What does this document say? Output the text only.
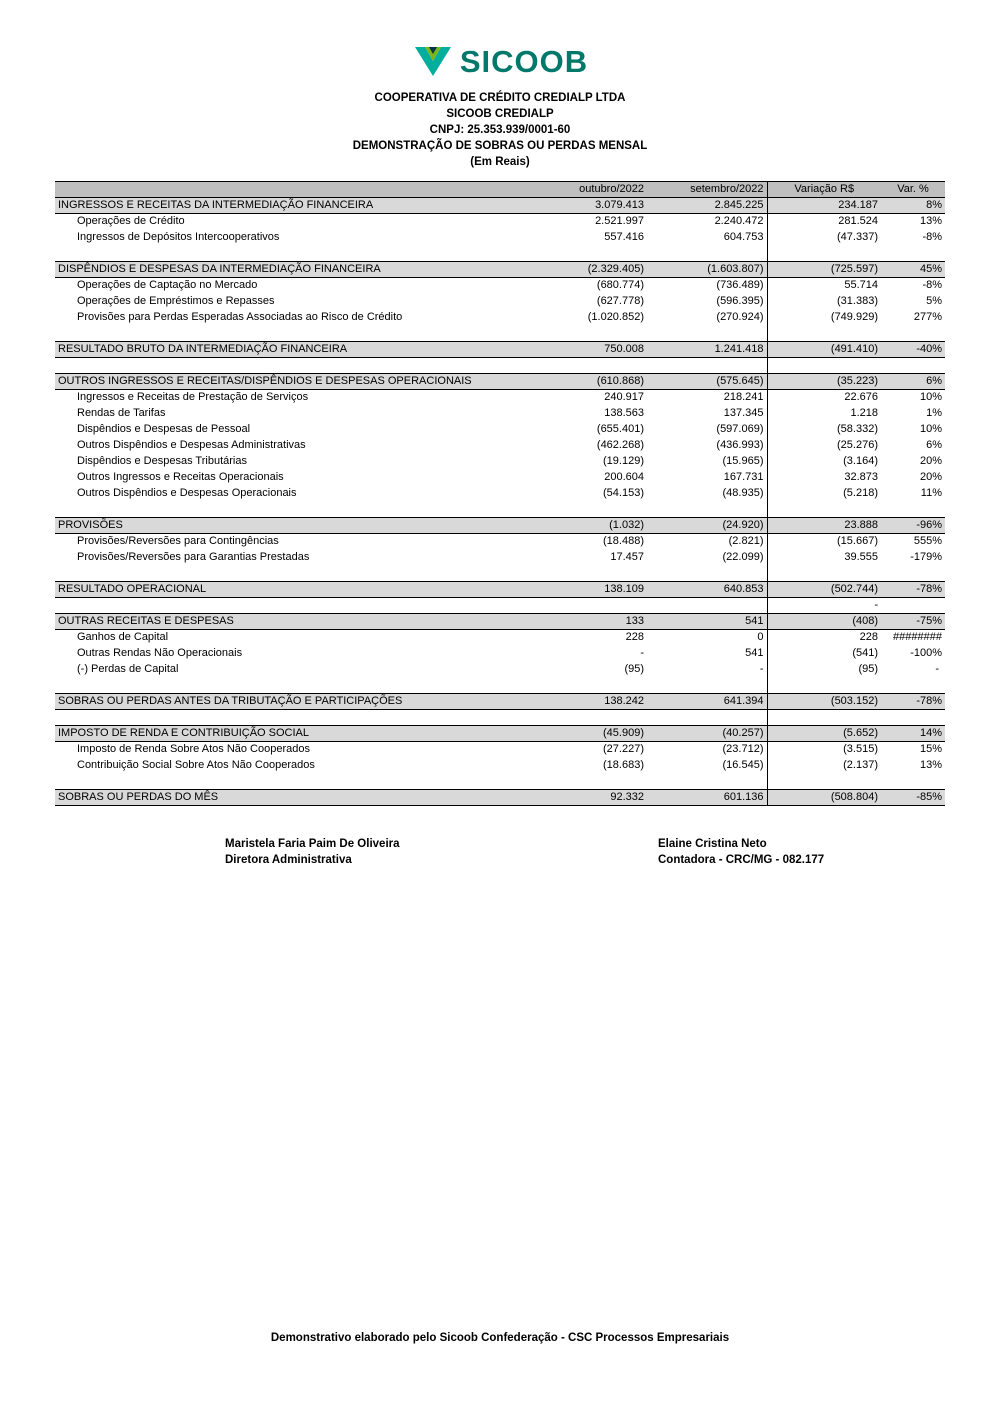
SICOOB
COOPERATIVA DE CRÉDITO CREDIALP LTDA
SICOOB CREDIALP
CNPJ: 25.353.939/0001-60
DEMONSTRAÇÃO DE SOBRAS OU PERDAS MENSAL
(Em Reais)
	outubro/2022	setembro/2022	Variação R$	Var. %
INGRESSOS E RECEITAS DA INTERMEDIAÇÃO FINANCEIRA	3.079.413	2.845.225	234.187	8%
Operações de Crédito	2.521.997	2.240.472	281.524	13%
Ingressos de Depósitos Intercooperativos	557.416	604.753	(47.337)	-8%

DISPÊNDIOS E DESPESAS DA INTERMEDIAÇÃO FINANCEIRA	(2.329.405)	(1.603.807)	(725.597)	45%
Operações de Captação no Mercado	(680.774)	(736.489)	55.714	-8%
Operações de Empréstimos e Repasses	(627.778)	(596.395)	(31.383)	5%
Provisões para Perdas Esperadas Associadas ao Risco de Crédito	(1.020.852)	(270.924)	(749.929)	277%

RESULTADO BRUTO DA INTERMEDIAÇÃO FINANCEIRA	750.008	1.241.418	(491.410)	-40%

OUTROS INGRESSOS E RECEITAS/DISPÊNDIOS E DESPESAS OPERACIONAIS	(610.868)	(575.645)	(35.223)	6%
Ingressos e Receitas de Prestação de Serviços	240.917	218.241	22.676	10%
Rendas de Tarifas	138.563	137.345	1.218	1%
Dispêndios e Despesas de Pessoal	(655.401)	(597.069)	(58.332)	10%
Outros Dispêndios e Despesas Administrativas	(462.268)	(436.993)	(25.276)	6%
Dispêndios e Despesas Tributárias	(19.129)	(15.965)	(3.164)	20%
Outros Ingressos e Receitas Operacionais	200.604	167.731	32.873	20%
Outros Dispêndios e Despesas Operacionais	(54.153)	(48.935)	(5.218)	11%

PROVISÕES	(1.032)	(24.920)	23.888	-96%
Provisões/Reversões para Contingências	(18.488)	(2.821)	(15.667)	555%
Provisões/Reversões para Garantias Prestadas	17.457	(22.099)	39.555	-179%

RESULTADO OPERACIONAL	138.109	640.853	(502.744)	-78%
			-	
OUTRAS RECEITAS E DESPESAS	133	541	(408)	-75%
Ganhos de Capital	228	0	228	########
Outras Rendas Não Operacionais	-	541	(541)	-100%
(-) Perdas de Capital	(95)	-	(95)	-

SOBRAS OU PERDAS ANTES DA TRIBUTAÇÃO E PARTICIPAÇÕES	138.242	641.394	(503.152)	-78%

IMPOSTO DE RENDA E CONTRIBUIÇÃO SOCIAL	(45.909)	(40.257)	(5.652)	14%
Imposto de Renda Sobre Atos Não Cooperados	(27.227)	(23.712)	(3.515)	15%
Contribuição Social Sobre Atos Não Cooperados	(18.683)	(16.545)	(2.137)	13%

SOBRAS OU PERDAS DO MÊS	92.332	601.136	(508.804)	-85%
Maristela Faria Paim De Oliveira
Diretora Administrativa
Elaine Cristina Neto
Contadora - CRC/MG - 082.177
Demonstrativo elaborado pelo Sicoob Confederação - CSC Processos Empresariais
